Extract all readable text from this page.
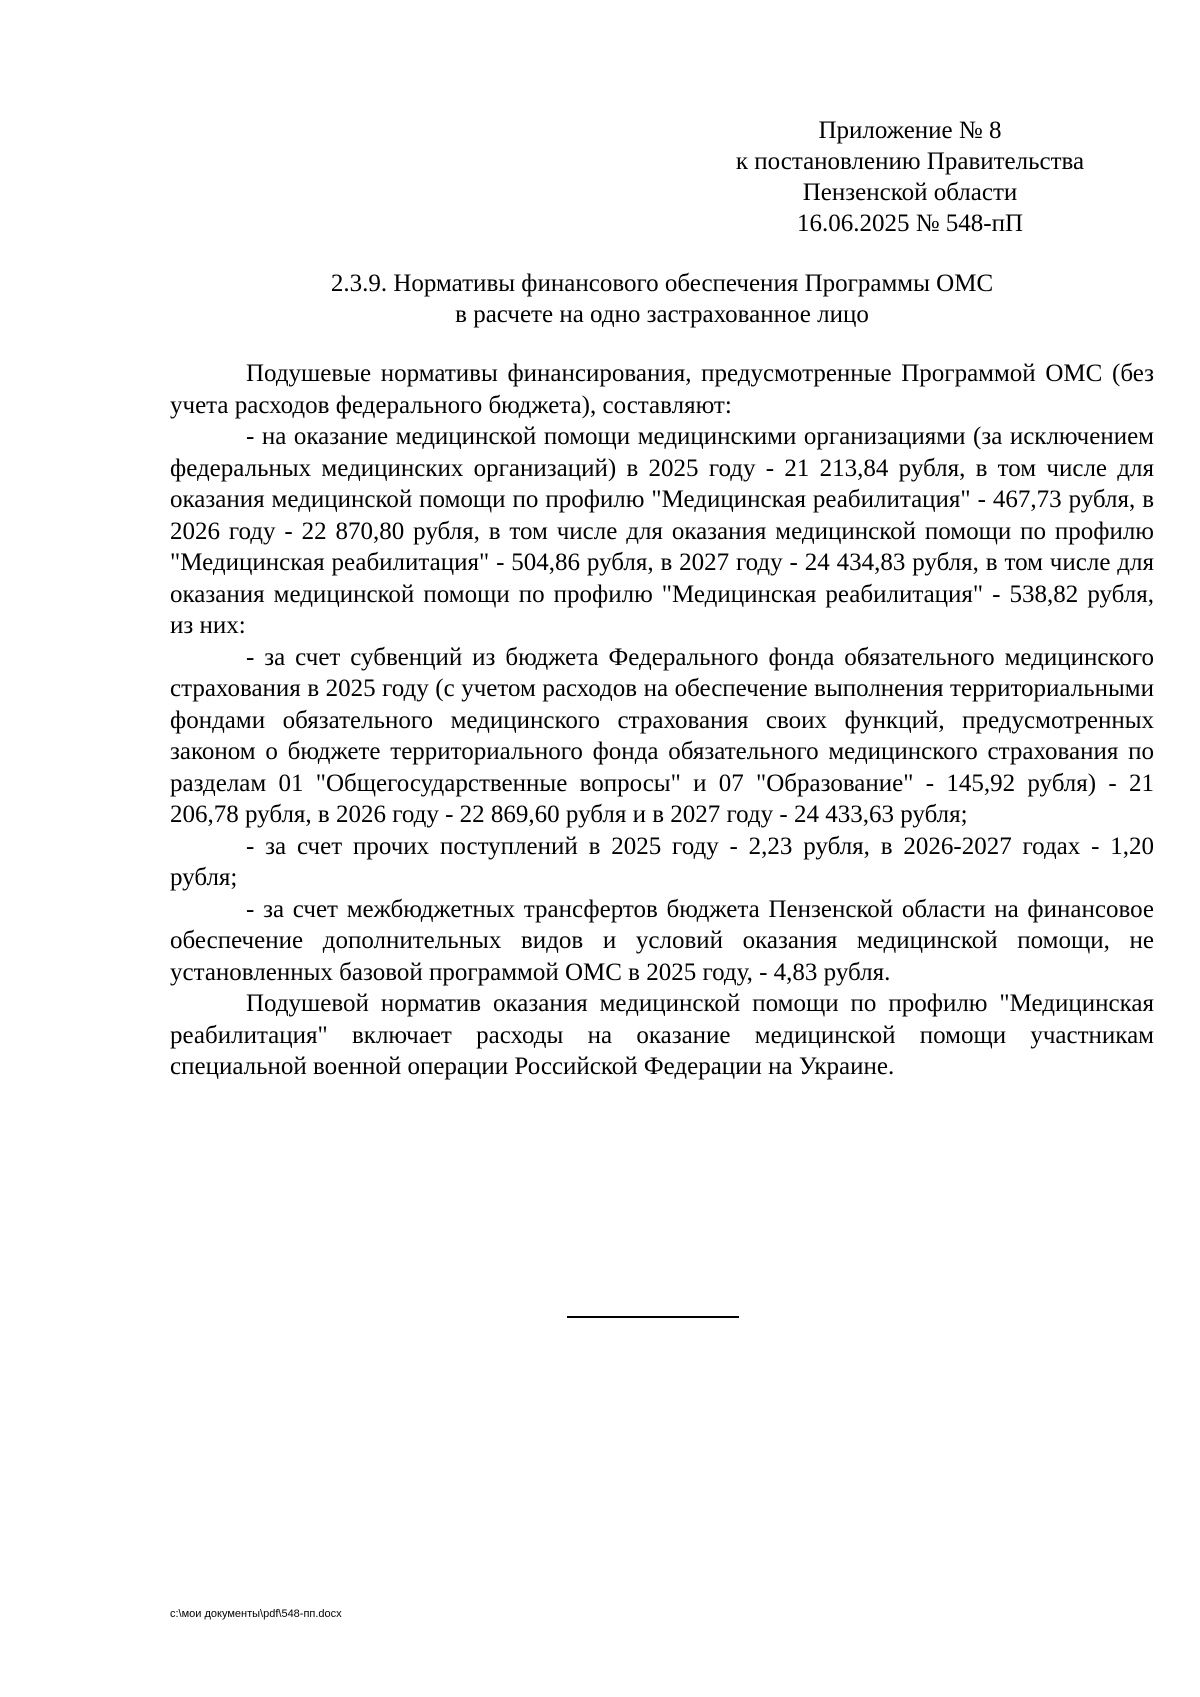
Приложение № 8
к постановлению Правительства
Пензенской области
16.06.2025 № 548-пП
2.3.9. Нормативы финансового обеспечения Программы ОМС
в расчете на одно застрахованное лицо

Подушевые нормативы финансирования, предусмотренные Программой ОМС (без учета расходов федерального бюджета), составляют:

- на оказание медицинской помощи медицинскими организациями (за исключением федеральных медицинских организаций) в 2025 году - 21 213,84 рубля, в том числе для оказания медицинской помощи по профилю "Медицинская реабилитация" - 467,73 рубля, в 2026 году - 22 870,80 рубля, в том числе для оказания медицинской помощи по профилю "Медицинская реабилитация" - 504,86 рубля, в 2027 году - 24 434,83 рубля, в том числе для оказания медицинской помощи по профилю "Медицинская реабилитация" - 538,82 рубля, из них:

- за счет субвенций из бюджета Федерального фонда обязательного медицинского страхования в 2025 году (с учетом расходов на обеспечение выполнения территориальными фондами обязательного медицинского страхования своих функций, предусмотренных законом о бюджете территориального фонда обязательного медицинского страхования по разделам 01 "Общегосударственные вопросы" и 07 "Образование" - 145,92 рубля) - 21 206,78 рубля, в 2026 году - 22 869,60 рубля и в 2027 году - 24 433,63 рубля;

- за счет прочих поступлений в 2025 году - 2,23 рубля, в 2026-2027 годах - 1,20 рубля;

- за счет межбюджетных трансфертов бюджета Пензенской области на финансовое обеспечение дополнительных видов и условий оказания медицинской помощи, не установленных базовой программой ОМС в 2025 году, - 4,83 рубля.

Подушевой норматив оказания медицинской помощи по профилю "Медицинская реабилитация" включает расходы на оказание медицинской помощи участникам специальной военной операции Российской Федерации на Украине.

c:\мои документы\pdf\548-пп.docx
